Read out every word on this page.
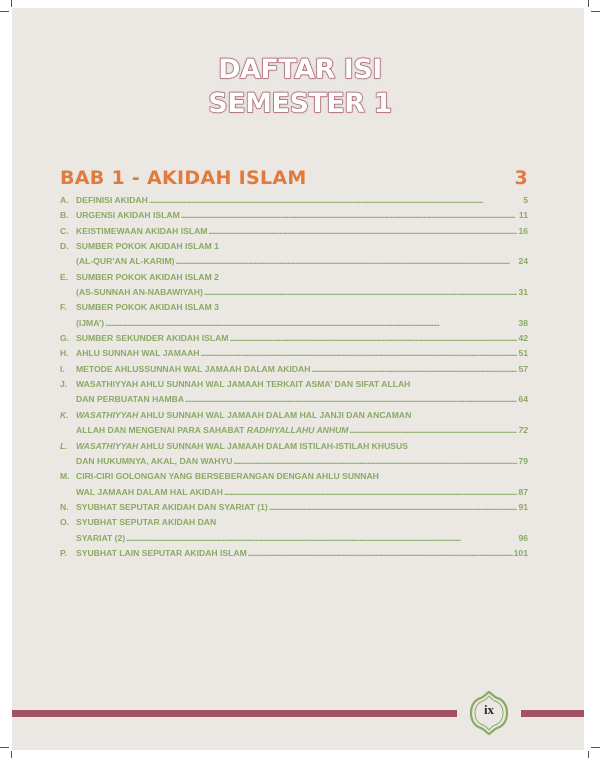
DAFTAR ISI
SEMESTER 1
BAB 1 - AKIDAH ISLAM	3
A. DEFINISI AKIDAH . . .	5
B. URGENSI AKIDAH ISLAM . . .	11
C. KEISTIMEWAAN AKIDAH ISLAM . . .	16
D. SUMBER POKOK AKIDAH ISLAM 1
(AL-QUR’AN AL-KARIM) . . .	24
E. SUMBER POKOK AKIDAH ISLAM 2
(AS-SUNNAH AN-NABAWIYAH) . . .	31
F.	SUMBER POKOK AKIDAH ISLAM 3
(IJMA’) . . .	38
G. SUMBER SEKUNDER AKIDAH ISLAM . . .	42
H. AHLU SUNNAH WAL JAMAAH . . .	51
I.	METODE AHLUSSUNNAH WAL JAMAAH DALAM AKIDAH . . .	57
J.	WASATHIYYAH AHLU SUNNAH WAL JAMAAH TERKAIT ASMA’ DAN SIFAT ALLAH
DAN PERBUATAN HAMBA . . .	64
K. WASATHIYYAH AHLU SUNNAH WAL JAMAAH DALAM HAL JANJI DAN ANCAMAN
ALLAH DAN MENGENAI PARA SAHABAT RADHIYALLAHU ANHUM . . .	72
L. WASATHIYYAH AHLU SUNNAH WAL JAMAAH DALAM ISTILAH-ISTILAH KHUSUS
DAN HUKUMNYA, AKAL, DAN WAHYU . . .	79
M. CIRI-CIRI GOLONGAN YANG BERSEBERANGAN DENGAN AHLU SUNNAH
WAL JAMAAH DALAM HAL AKIDAH . . .	87
N. SYUBHAT SEPUTAR AKIDAH DAN SYARIAT (1) . . .	91
O. SYUBHAT SEPUTAR AKIDAH DAN
SYARIAT (2) . . .	96
P.	SYUBHAT LAIN SEPUTAR AKIDAH ISLAM . . .	101
ix
